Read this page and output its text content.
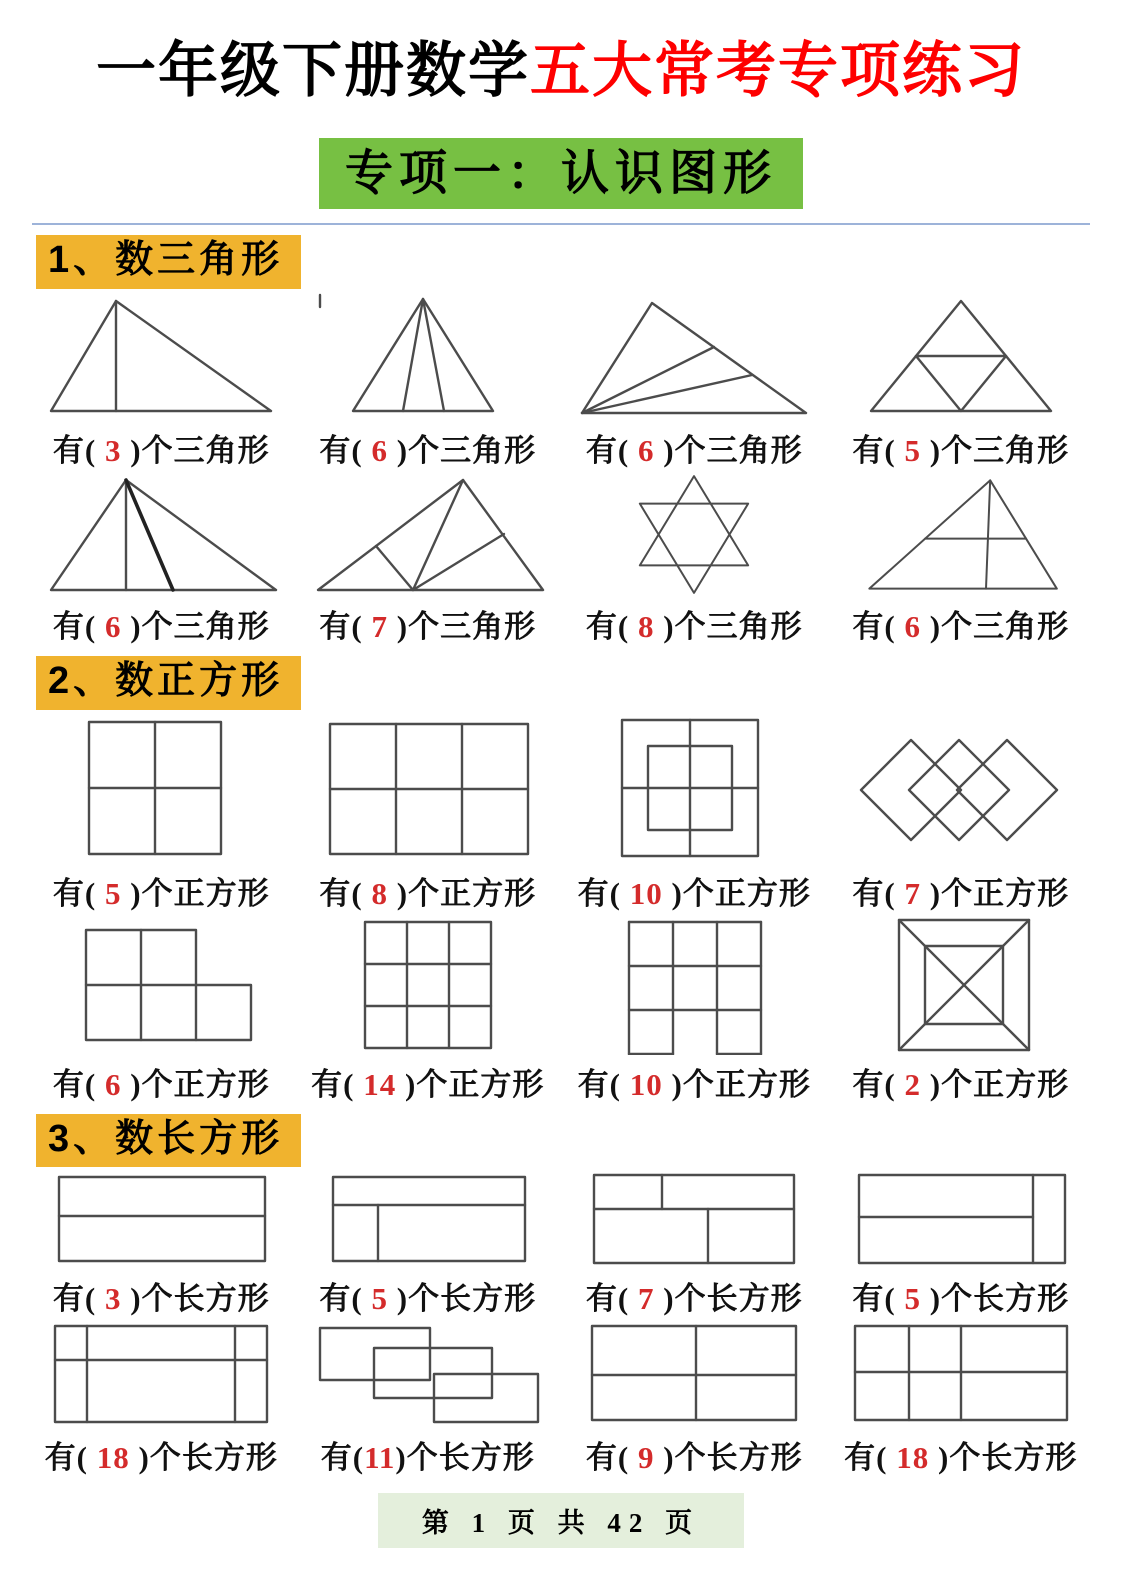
一年级下册数学五大常考专项练习
专项一：认识图形
1、数三角形
有( 3 )个三角形	有( 6 )个三角形	有( 6 )个三角形	有( 5 )个三角形
有( 6 )个三角形	有( 7 )个三角形	有( 8 )个三角形	有( 6 )个三角形
2、数正方形
有( 5 )个正方形	有( 8 )个正方形	有( 10 )个正方形	有( 7 )个正方形
有( 6 )个正方形	有( 14 )个正方形	有( 10 )个正方形	有( 2 )个正方形
3、数长方形
有( 3 )个长方形	有( 5 )个长方形	有( 7 )个长方形	有( 5 )个长方形
有( 18 )个长方形	有(11)个长方形	有( 9 )个长方形	有( 18 )个长方形
第 1 页 共 42 页
